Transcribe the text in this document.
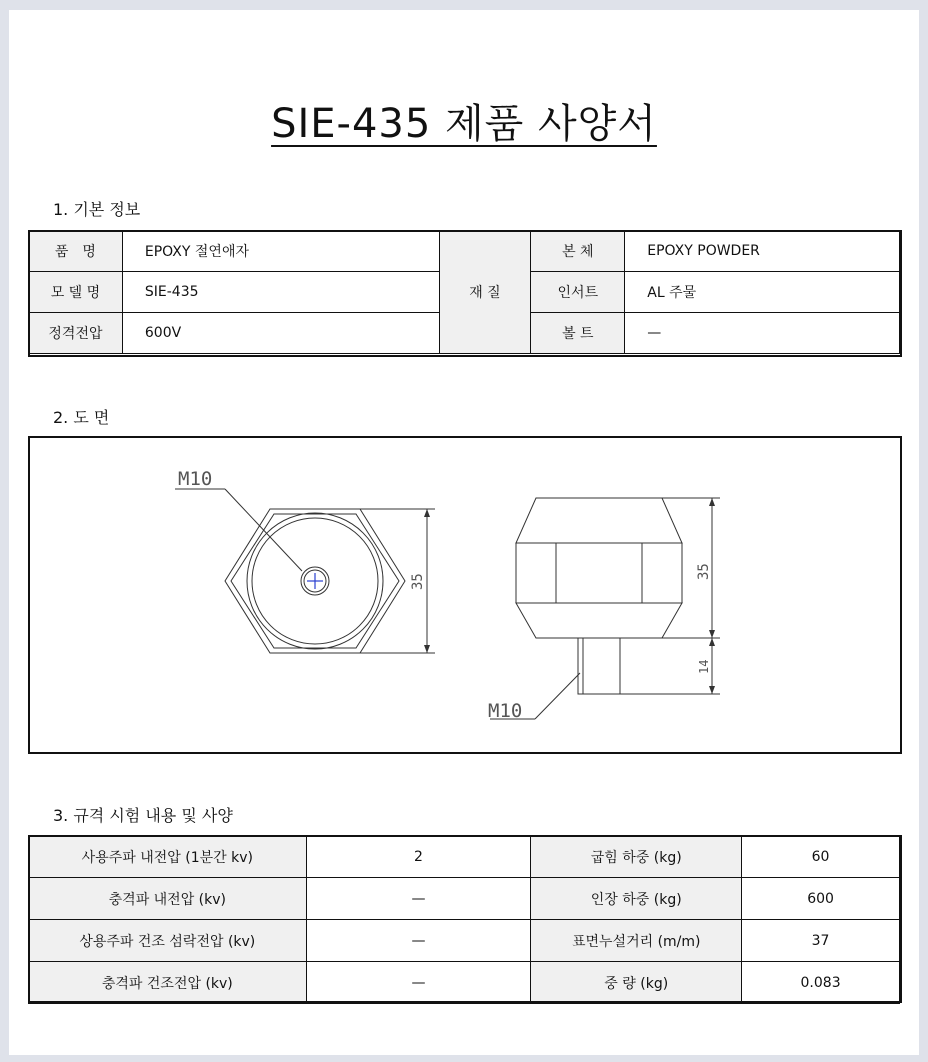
SIE-435 제품 사양서
1. 기본 정보
품　명	EPOXY 절연애자	재 질	본 체	EPOXY POWDER
모 델 명	SIE-435		인서트	AL 주물
정격전압	600V		볼 트	—
2. 도 면
M10
M10
35
35
14
3. 규격 시험 내용 및 사양
사용주파 내전압 (1분간 kv)	2	굽힘 하중 (kg)	60
충격파 내전압 (kv)	—	인장 하중 (kg)	600
상용주파 건조 섬락전압 (kv)	—	표면누설거리 (m/m)	37
충격파 건조전압 (kv)	—	중 량 (kg)	0.083
